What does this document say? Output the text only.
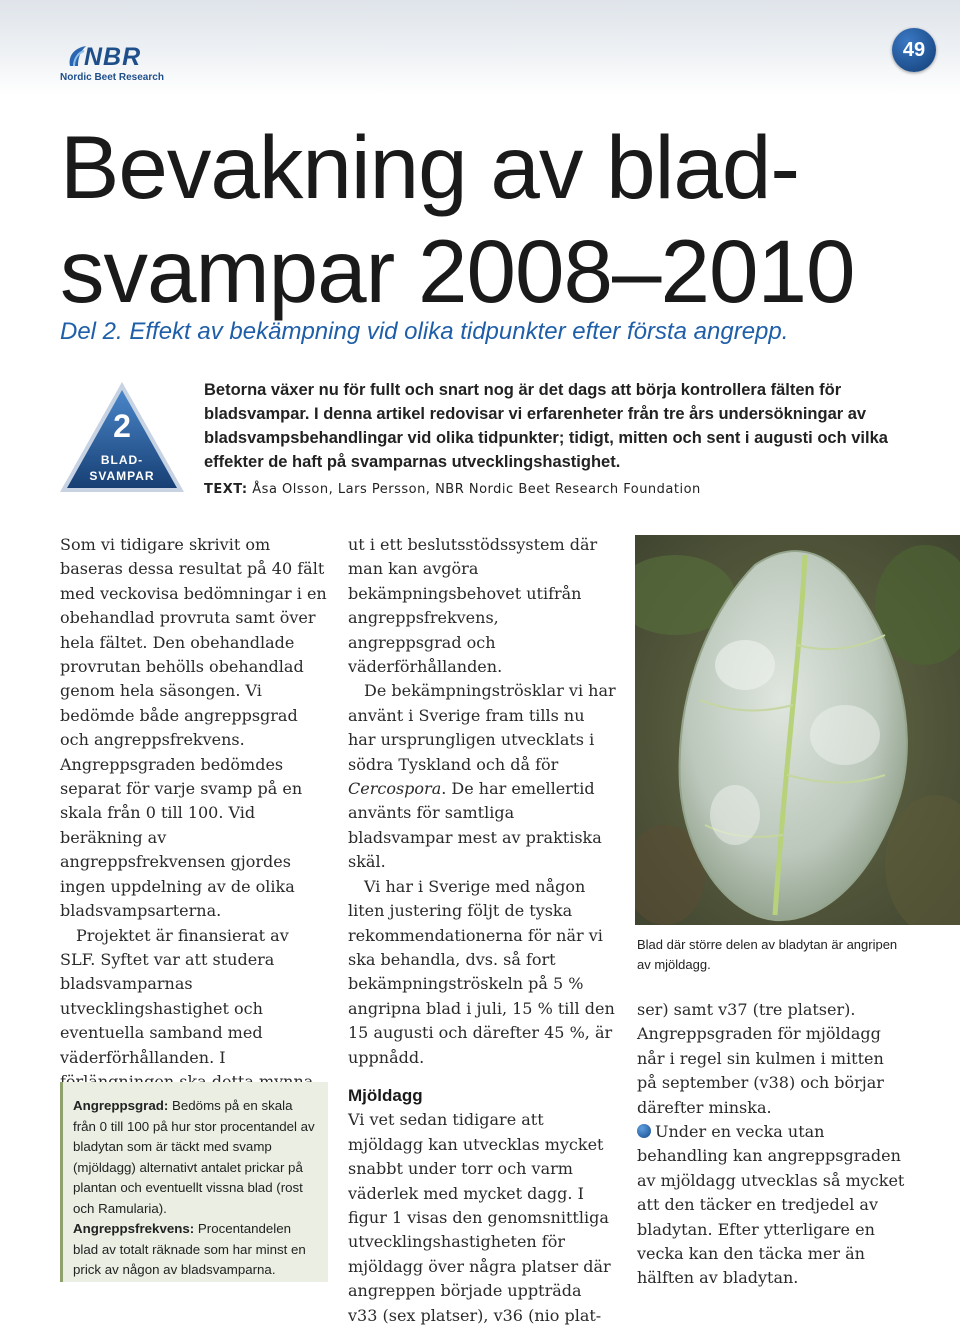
NBR
Nordic Beet Research
49
Bevakning av blad-svampar 2008–2010
Del 2. Effekt av bekämpning vid olika tidpunkter efter första angrepp.
2
BLAD-
SVAMPAR
Betorna växer nu för fullt och snart nog är det dags att börja kontrollera fälten för bladsvampar. I denna artikel redovisar vi erfarenheter från tre års undersökningar av bladsvampsbehandlingar vid olika tidpunkter; tidigt, mitten och sent i augusti och vilka effekter de haft på svamparnas utvecklingshastighet.
TEXT: Åsa Olsson, Lars Persson, NBR Nordic Beet Research Foundation

Som vi tidigare skrivit om baseras dessa resultat på 40 fält med veckovisa bedömningar i en obehandlad provruta samt över hela fältet. Den obehandlade provrutan behölls obehandlad genom hela säsongen. Vi bedömde både angreppsgrad och angreppsfrekvens. Angreppsgraden bedömdes separat för varje svamp på en skala från 0 till 100. Vid beräkning av angreppsfrekvensen gjordes ingen uppdelning av de olika bladsvampsarterna.

Projektet är finansierat av SLF. Syftet var att studera bladsvamparnas utvecklingshastighet och eventuella samband med väderförhållanden. I

Angreppsgrad: Bedöms på en skala från 0 till 100 på hur stor procentandel av bladytan som är täckt med svamp (mjöldagg) alternativt antalet prickar på plantan och eventuellt vissna blad (rost och Ramularia).
Angreppsfrekvens: Procentandelen blad av totalt räknade som har minst en prick av någon av bladsvamparna.

ut i ett beslutsstödssystem där man kan avgöra bekämpningsbehovet utifrån angreppsfrekvens, angreppsgrad och väderförhållanden.

De bekämpningströsklar vi har använt i Sverige fram tills nu har ursprungligen utvecklats i södra Tyskland och då för Cercospora. De har emellertid använts för samtliga bladsvampar mest av praktiska skäl.

Vi har i Sverige med någon liten justering följt de tyska rekommendationerna för när vi ska behandla, dvs. så fort bekämpningströskeln på 5 % angripna blad i juli, 15 % till den 15 augusti och därefter 45 %, är uppnådd.

Mjöldagg

Vi vet sedan tidigare att mjöldagg kan utvecklas mycket snabbt under torr och varm väderlek med mycket dagg. I figur 1 visas den genomsnittliga utvecklingshastigheten för mjöldagg över några platser där angreppen började uppträda v33 (sex platser), v36 (nio plat-

Blad där större delen av bladytan är angripen av mjöldagg.

ser) samt v37 (tre platser). Angreppsgraden för mjöldagg når i regel sin kulmen i mitten på september (v38) och börjar därefter minska.

Under en vecka utan behandling kan angreppsgraden av mjöldagg utvecklas så mycket att den täcker en tredjedel av bladytan. Efter ytterligare en vecka kan den täcka mer än hälften av bladytan.
